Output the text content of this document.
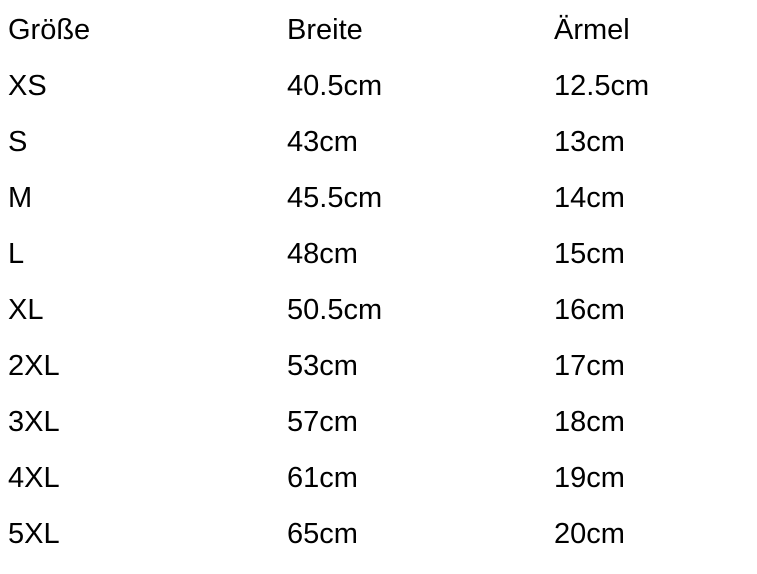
Größe	Breite	Ärmel
XS	40.5cm	12.5cm
S	43cm	13cm
M	45.5cm	14cm
L	48cm	15cm
XL	50.5cm	16cm
2XL	53cm	17cm
3XL	57cm	18cm
4XL	61cm	19cm
5XL	65cm	20cm
